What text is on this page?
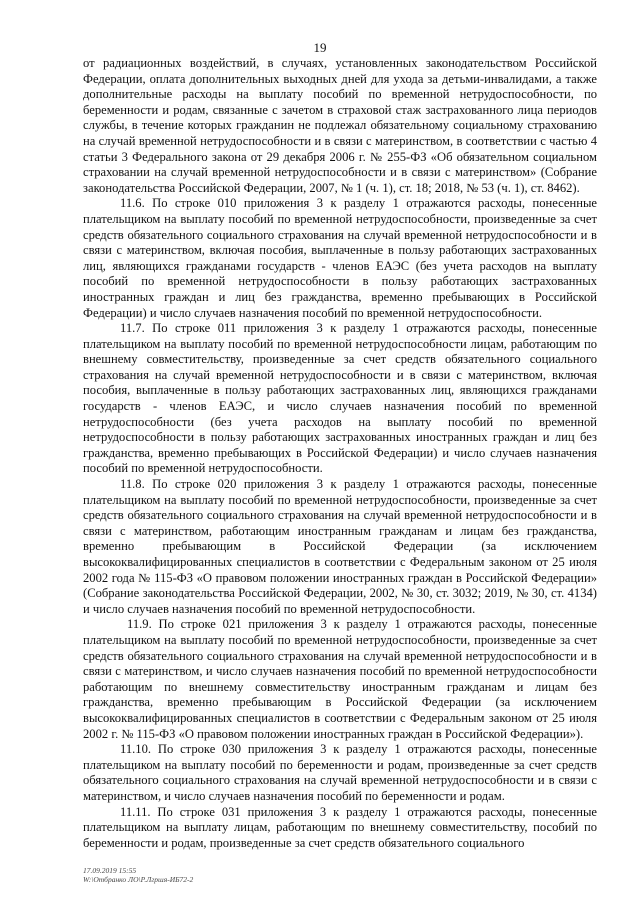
19

от радиационных воздействий, в случаях, установленных законодательством Российской Федерации, оплата дополнительных выходных дней для ухода за детьми-инвалидами, а также дополнительные расходы на выплату пособий по временной нетрудоспособности, по беременности и родам, связанные с зачетом в страховой стаж застрахованного лица периодов службы, в течение которых гражданин не подлежал обязательному социальному страхованию на случай временной нетрудоспособности и в связи с материнством, в соответствии с частью 4 статьи 3 Федерального закона от 29 декабря 2006 г. № 255-ФЗ «Об обязательном социальном страховании на случай временной нетрудоспособности и в связи с материнством» (Собрание законодательства Российской Федерации, 2007, № 1 (ч. 1), ст. 18; 2018, № 53 (ч. 1), ст. 8462).

11.6. По строке 010 приложения 3 к разделу 1 отражаются расходы, понесенные плательщиком на выплату пособий по временной нетрудоспособности, произведенные за счет средств обязательного социального страхования на случай временной нетрудоспособности и в связи с материнством, включая пособия, выплаченные в пользу работающих застрахованных лиц, являющихся гражданами государств - членов ЕАЭС (без учета расходов на выплату пособий по временной нетрудоспособности в пользу работающих застрахованных иностранных граждан и лиц без гражданства, временно пребывающих в Российской Федерации) и число случаев назначения пособий по временной нетрудоспособности.

11.7. По строке 011 приложения 3 к разделу 1 отражаются расходы, понесенные плательщиком на выплату пособий по временной нетрудоспособности лицам, работающим по внешнему совместительству, произведенные за счет средств обязательного социального страхования на случай временной нетрудоспособности и в связи с материнством, включая пособия, выплаченные в пользу работающих застрахованных лиц, являющихся гражданами государств - членов ЕАЭС, и число случаев назначения пособий по временной нетрудоспособности (без учета расходов на выплату пособий по временной нетрудоспособности в пользу работающих застрахованных иностранных граждан и лиц без гражданства, временно пребывающих в Российской Федерации) и число случаев назначения пособий по временной нетрудоспособности.

11.8. По строке 020 приложения 3 к разделу 1 отражаются расходы, понесенные плательщиком на выплату пособий по временной нетрудоспособности, произведенные за счет средств обязательного социального страхования на случай временной нетрудоспособности и в связи с материнством, работающим иностранным гражданам и лицам без гражданства, временно пребывающим в Российской Федерации (за исключением высококвалифицированных специалистов в соответствии с Федеральным законом от 25 июля 2002 года № 115-ФЗ «О правовом положении иностранных граждан в Российской Федерации» (Собрание законодательства Российской Федерации, 2002, № 30, ст. 3032; 2019, № 30, ст. 4134) и число случаев назначения пособий по временной нетрудоспособности.

11.9. По строке 021 приложения 3 к разделу 1 отражаются расходы, понесенные плательщиком на выплату пособий по временной нетрудоспособности, произведенные за счет средств обязательного социального страхования на случай временной нетрудоспособности и в связи с материнством, и число случаев назначения пособий по временной нетрудоспособности работающим по внешнему совместительству иностранным гражданам и лицам без гражданства, временно пребывающим в Российской Федерации (за исключением высококвалифицированных специалистов в соответствии с Федеральным законом от 25 июля 2002 г. № 115-ФЗ «О правовом положении иностранных граждан в Российской Федерации»).

11.10. По строке 030 приложения 3 к разделу 1 отражаются расходы, понесенные плательщиком на выплату пособий по беременности и родам, произведенные за счет средств обязательного социального страхования на случай временной нетрудоспособности и в связи с материнством, и число случаев назначения пособий по беременности и родам.

11.11. По строке 031 приложения 3 к разделу 1 отражаются расходы, понесенные плательщиком на выплату лицам, работающим по внешнему совместительству, пособий по беременности и родам, произведенные за счет средств обязательного социального

17.09.2019 15:55
W:\Отбранко ЛО\Р.Лгршя-ИБ72-2
